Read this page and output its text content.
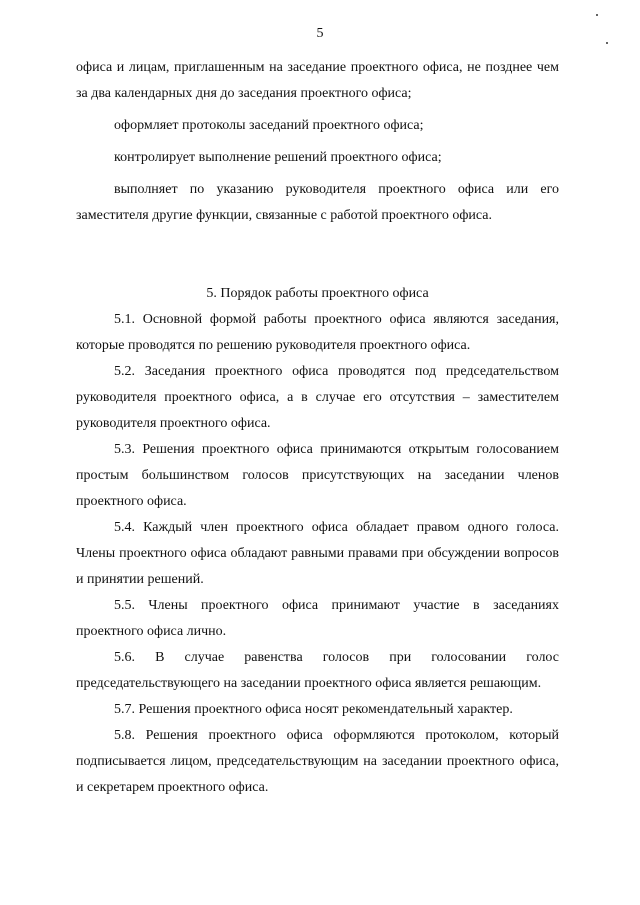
5

офиса и лицам, приглашенным на заседание проектного офиса, не позднее чем за два календарных дня до заседания проектного офиса;

оформляет протоколы заседаний проектного офиса;

контролирует выполнение решений проектного офиса;

выполняет по указанию руководителя проектного офиса или его заместителя другие функции, связанные с работой проектного офиса.

5. Порядок работы проектного офиса

5.1. Основной формой работы проектного офиса являются заседания, которые проводятся по решению руководителя проектного офиса.

5.2. Заседания проектного офиса проводятся под председательством руководителя проектного офиса, а в случае его отсутствия – заместителем руководителя проектного офиса.

5.3. Решения проектного офиса принимаются открытым голосованием простым большинством голосов присутствующих на заседании членов проектного офиса.

5.4. Каждый член проектного офиса обладает правом одного голоса. Члены проектного офиса обладают равными правами при обсуждении вопросов и принятии решений.

5.5. Члены проектного офиса принимают участие в заседаниях проектного офиса лично.

5.6. В случае равенства голосов при голосовании голос председательствующего на заседании проектного офиса является решающим.

5.7. Решения проектного офиса носят рекомендательный характер.

5.8. Решения проектного офиса оформляются протоколом, который подписывается лицом, председательствующим на заседании проектного офиса, и секретарем проектного офиса.
